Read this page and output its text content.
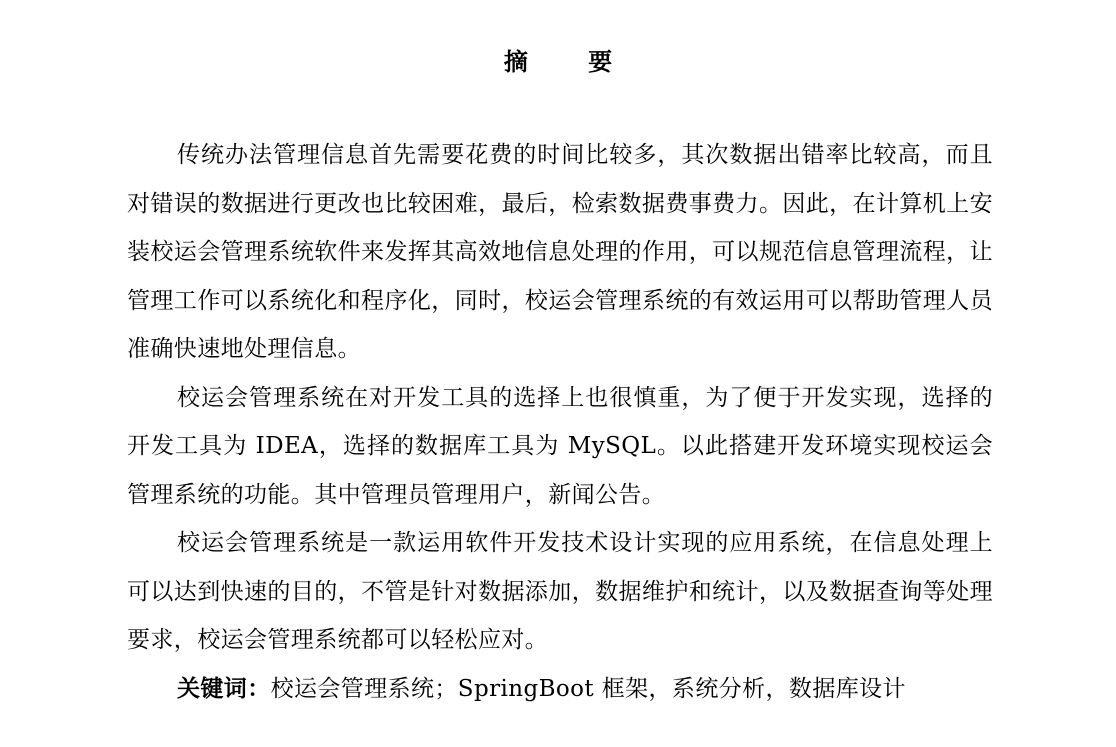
摘 要

传统办法管理信息首先需要花费的时间比较多，其次数据出错率比较高，而且对错误的数据进行更改也比较困难，最后，检索数据费事费力。因此，在计算机上安装校运会管理系统软件来发挥其高效地信息处理的作用，可以规范信息管理流程，让管理工作可以系统化和程序化，同时，校运会管理系统的有效运用可以帮助管理人员准确快速地处理信息。

校运会管理系统在对开发工具的选择上也很慎重，为了便于开发实现，选择的开发工具为 IDEA，选择的数据库工具为 MySQL。以此搭建开发环境实现校运会管理系统的功能。其中管理员管理用户，新闻公告。

校运会管理系统是一款运用软件开发技术设计实现的应用系统，在信息处理上可以达到快速的目的，不管是针对数据添加，数据维护和统计，以及数据查询等处理要求，校运会管理系统都可以轻松应对。

关键词：校运会管理系统；SpringBoot 框架，系统分析，数据库设计
